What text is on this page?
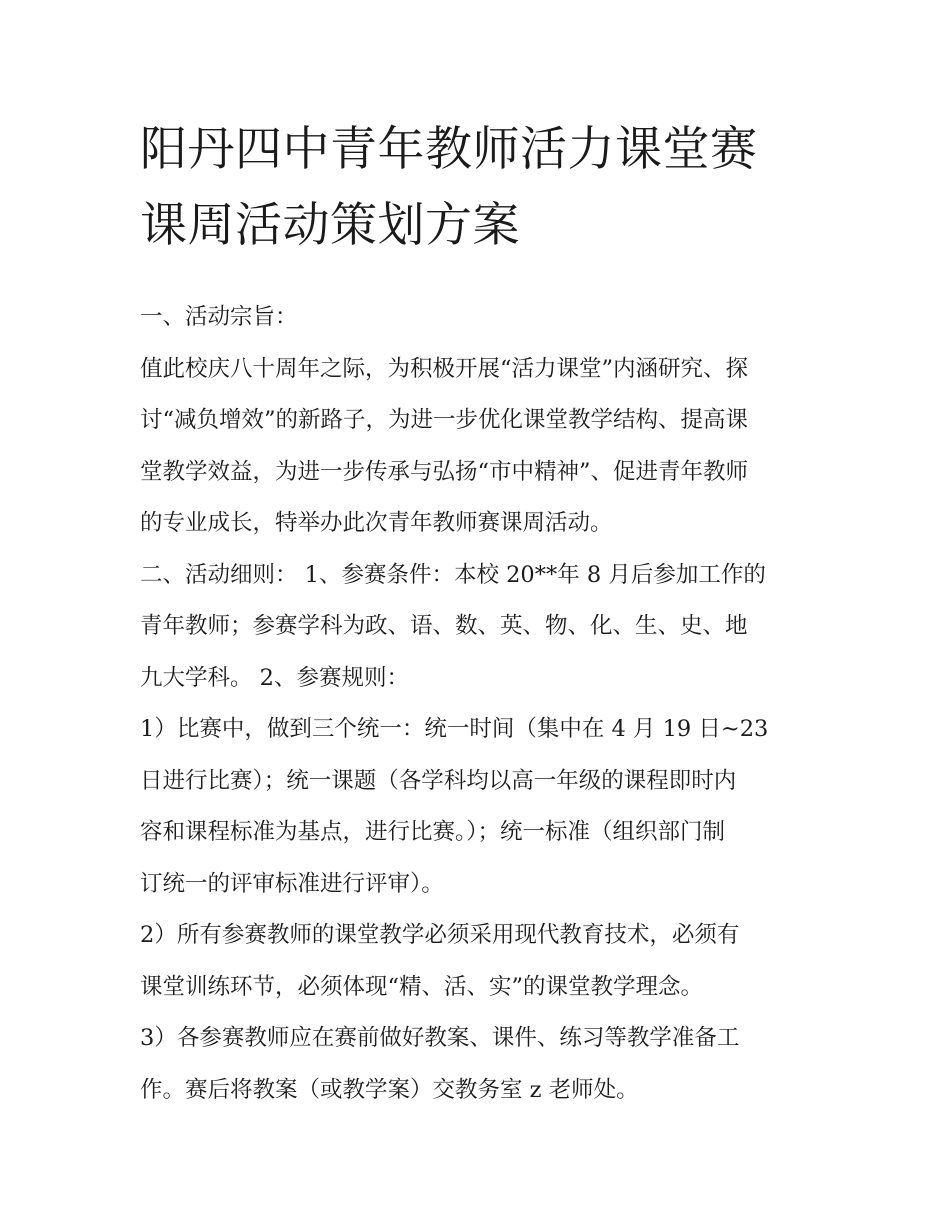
阳丹四中青年教师活力课堂赛
课周活动策划方案
一、活动宗旨：
值此校庆八十周年之际，为积极开展“活力课堂”内涵研究、探
讨“减负增效”的新路子，为进一步优化课堂教学结构、提高课
堂教学效益，为进一步传承与弘扬“市中精神”、促进青年教师
的专业成长，特举办此次青年教师赛课周活动。
二、活动细则： 1、参赛条件：本校 20**年 8 月后参加工作的
青年教师；参赛学科为政、语、数、英、物、化、生、史、地
九大学科。 2、参赛规则：
1）比赛中，做到三个统一：统一时间（集中在 4 月 19 日~23
日进行比赛）；统一课题（各学科均以高一年级的课程即时内
容和课程标准为基点，进行比赛。）；统一标准（组织部门制
订统一的评审标准进行评审）。
2）所有参赛教师的课堂教学必须采用现代教育技术，必须有
课堂训练环节，必须体现“精、活、实”的课堂教学理念。
3）各参赛教师应在赛前做好教案、课件、练习等教学准备工
作。赛后将教案（或教学案）交教务室 z 老师处。
